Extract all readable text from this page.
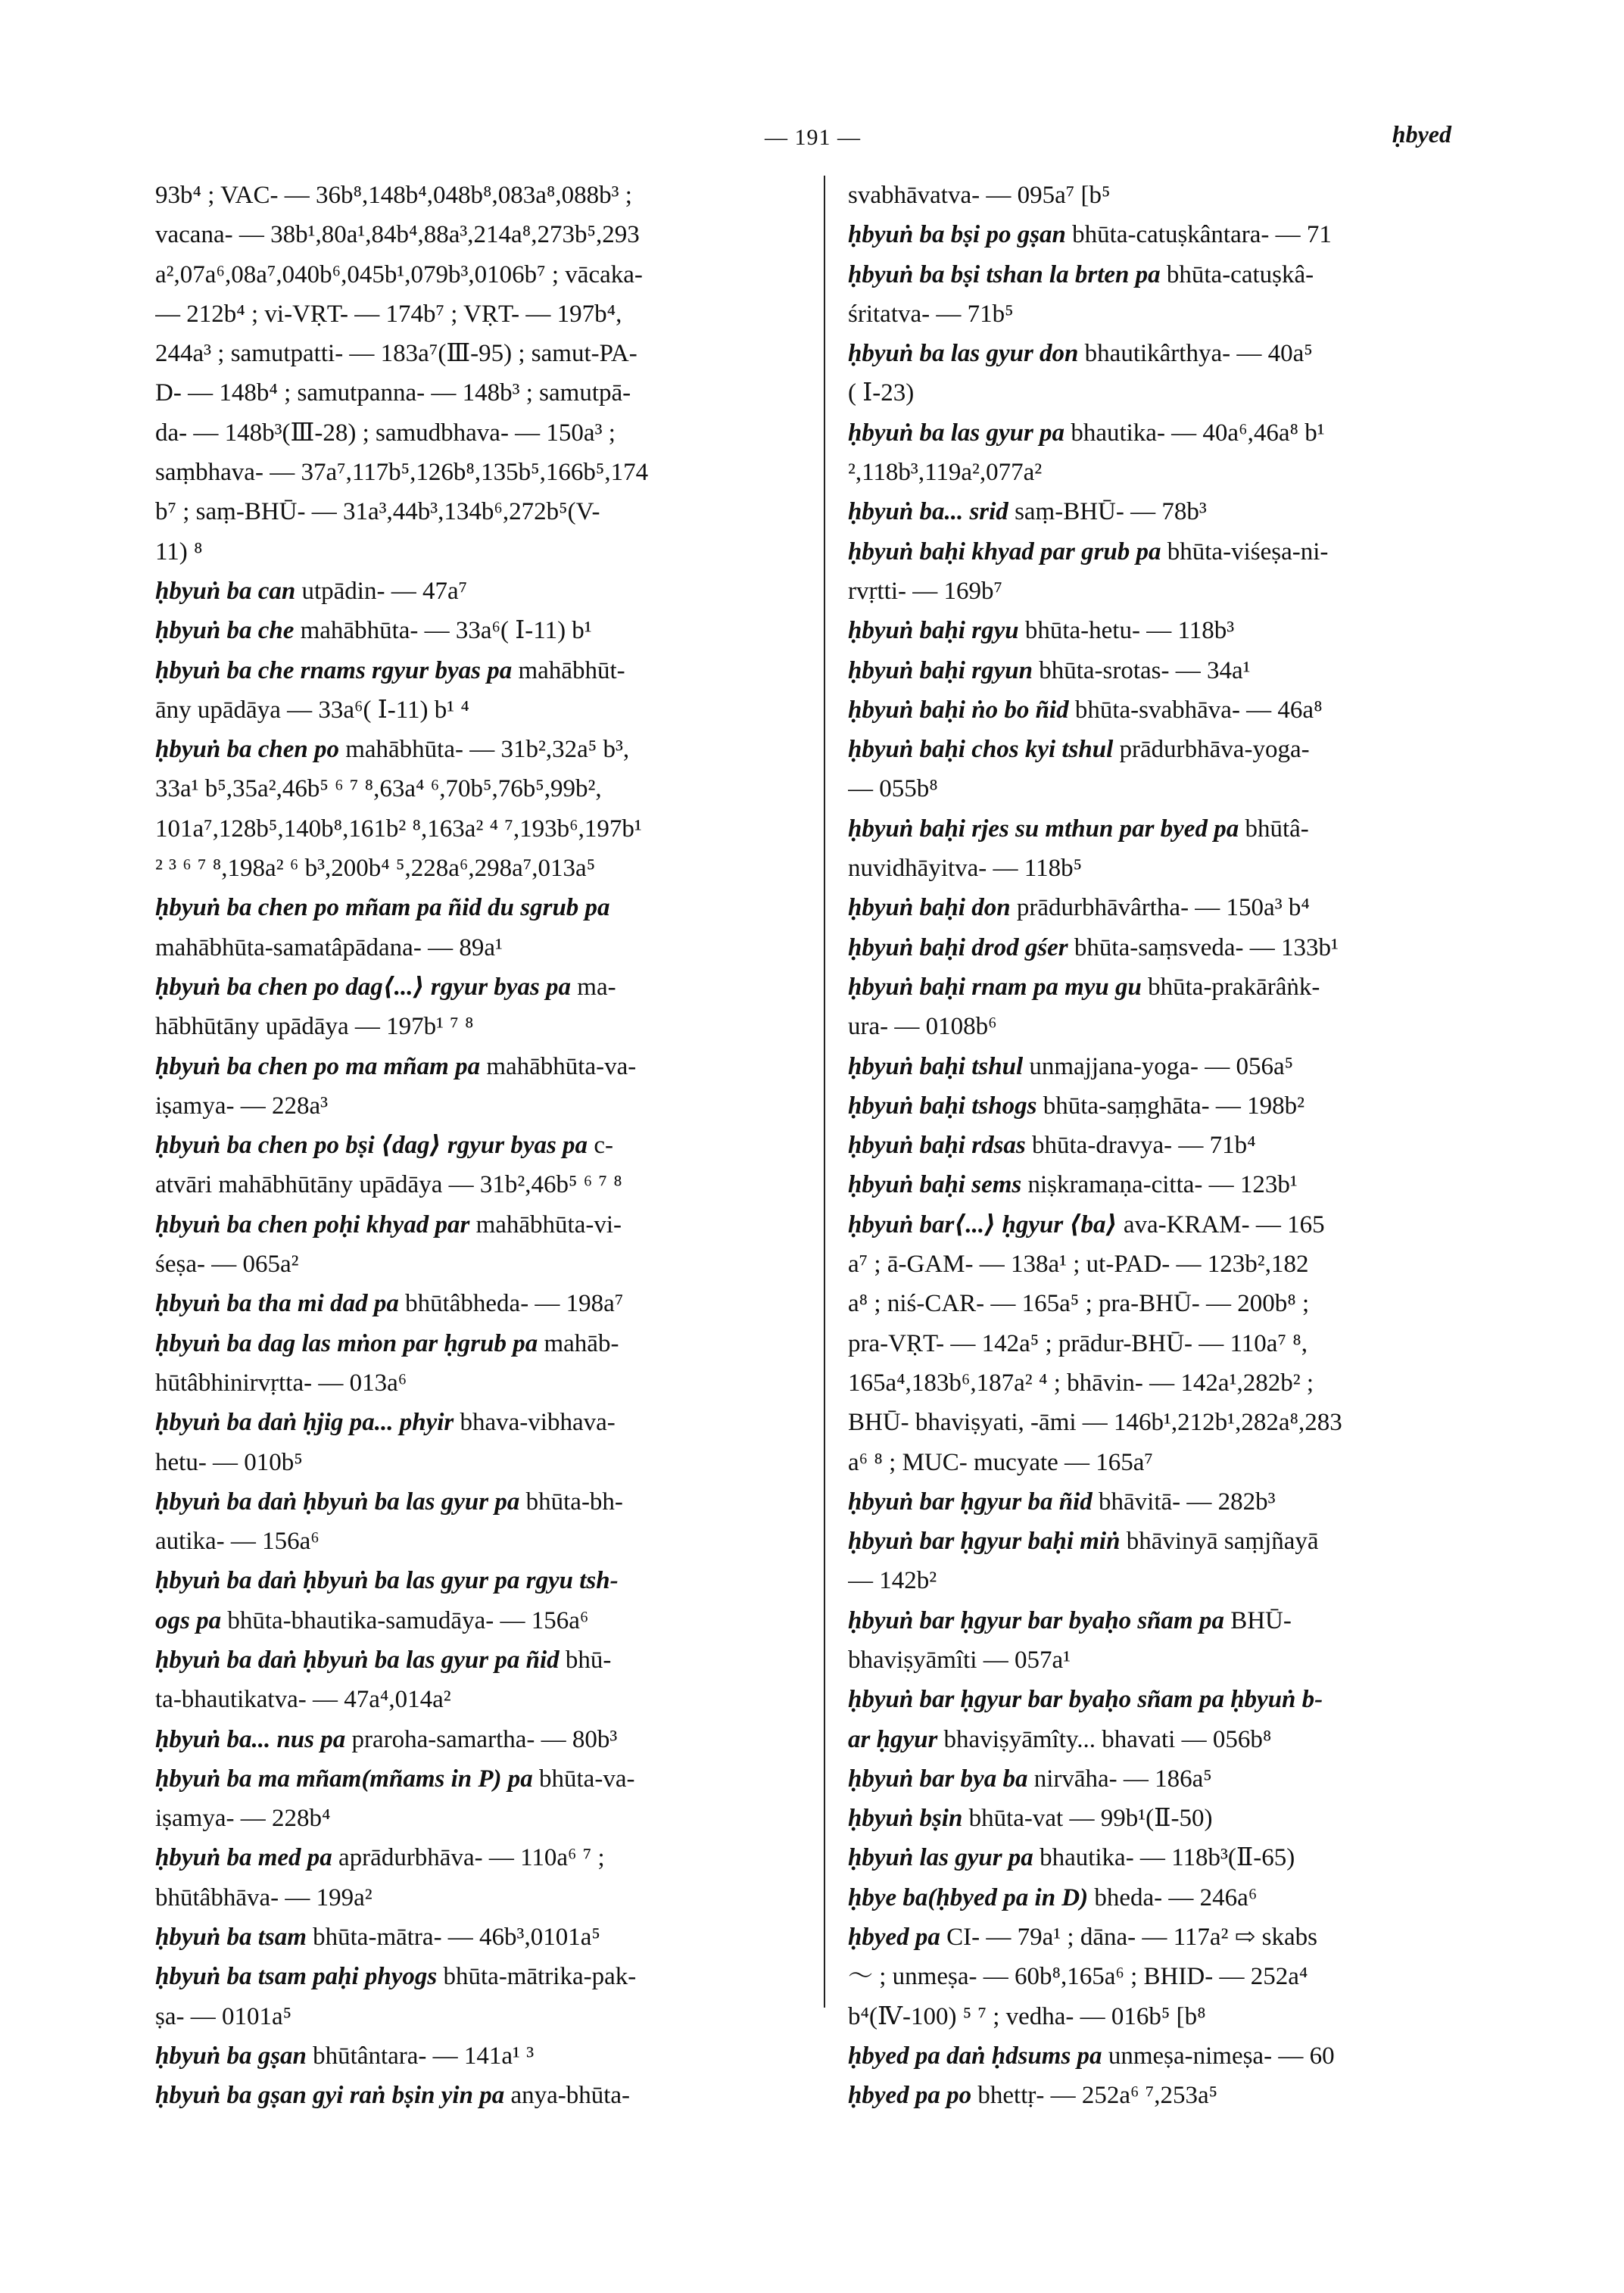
— 191 —	ḥbyed
93b⁴ ; VAC- — 36b⁸,148b⁴,048b⁸,083a⁸,088b³ ;
vacana- — 38b¹,80a¹,84b⁴,88a³,214a⁸,273b⁵,293
a²,07a⁶,08a⁷,040b⁶,045b¹,079b³,0106b⁷ ; vācaka-
— 212b⁴ ; vi-VṚT- — 174b⁷ ; VṚT- — 197b⁴,
244a³ ; samutpatti- — 183a⁷(Ⅲ-95) ; samut-PA-
D- — 148b⁴ ; samutpanna- — 148b³ ; samutpā-
da- — 148b³(Ⅲ-28) ; samudbhava- — 150a³ ;
saṃbhava- — 37a⁷,117b⁵,126b⁸,135b⁵,166b⁵,174
b⁷ ; saṃ-BHŪ- — 31a³,44b³,134b⁶,272b⁵(V-
11) ⁸
ḥbyuṅ ba can utpādin- — 47a⁷
ḥbyuṅ ba che mahābhūta- — 33a⁶( Ⅰ-11) b¹
ḥbyuṅ ba che rnams rgyur byas pa mahābhūt-
āny upādāya — 33a⁶( Ⅰ-11) b¹ ⁴
ḥbyuṅ ba chen po mahābhūta- — 31b²,32a⁵ b³,
33a¹ b⁵,35a²,46b⁵ ⁶ ⁷ ⁸,63a⁴ ⁶,70b⁵,76b⁵,99b²,
101a⁷,128b⁵,140b⁸,161b² ⁸,163a² ⁴ ⁷,193b⁶,197b¹
² ³ ⁶ ⁷ ⁸,198a² ⁶ b³,200b⁴ ⁵,228a⁶,298a⁷,013a⁵
ḥbyuṅ ba chen po mñam pa ñid du sgrub pa
mahābhūta-samatâpādana- — 89a¹
ḥbyuṅ ba chen po dag⟨...⟩ rgyur byas pa ma-
hābhūtāny upādāya — 197b¹ ⁷ ⁸
ḥbyuṅ ba chen po ma mñam pa mahābhūta-va-
iṣamya- — 228a³
ḥbyuṅ ba chen po bṣi ⟨dag⟩ rgyur byas pa c-
atvāri mahābhūtāny upādāya — 31b²,46b⁵ ⁶ ⁷ ⁸
ḥbyuṅ ba chen poḥi khyad par mahābhūta-vi-
śeṣa- — 065a²
ḥbyuṅ ba tha mi dad pa bhūtâbheda- — 198a⁷
ḥbyuṅ ba dag las mṅon par ḥgrub pa mahāb-
hūtâbhinirvṛtta- — 013a⁶
ḥbyuṅ ba daṅ ḥjig pa... phyir bhava-vibhava-
hetu- — 010b⁵
ḥbyuṅ ba daṅ ḥbyuṅ ba las gyur pa bhūta-bh-
autika- — 156a⁶
ḥbyuṅ ba daṅ ḥbyuṅ ba las gyur pa rgyu tsh-
ogs pa bhūta-bhautika-samudāya- — 156a⁶
ḥbyuṅ ba daṅ ḥbyuṅ ba las gyur pa ñid bhū-
ta-bhautikatva- — 47a⁴,014a²
ḥbyuṅ ba... nus pa praroha-samartha- — 80b³
ḥbyuṅ ba ma mñam(mñams in P) pa bhūta-va-
iṣamya- — 228b⁴
ḥbyuṅ ba med pa aprādurbhāva- — 110a⁶ ⁷ ;
bhūtâbhāva- — 199a²
ḥbyuṅ ba tsam bhūta-mātra- — 46b³,0101a⁵
ḥbyuṅ ba tsam paḥi phyogs bhūta-mātrika-pak-
ṣa- — 0101a⁵
ḥbyuṅ ba gṣan bhūtântara- — 141a¹ ³
ḥbyuṅ ba gṣan gyi raṅ bṣin yin pa anya-bhūta-
svabhāvatva- — 095a⁷ [b⁵
ḥbyuṅ ba bṣi po gṣan bhūta-catuṣkântara- — 71
ḥbyuṅ ba bṣi tshan la brten pa bhūta-catuṣkâ-
śritatva- — 71b⁵
ḥbyuṅ ba las gyur don bhautikârthya- — 40a⁵
( Ⅰ-23)
ḥbyuṅ ba las gyur pa bhautika- — 40a⁶,46a⁸ b¹
²,118b³,119a²,077a²
ḥbyuṅ ba... srid saṃ-BHŪ- — 78b³
ḥbyuṅ baḥi khyad par grub pa bhūta-viśeṣa-ni-
rvṛtti- — 169b⁷
ḥbyuṅ baḥi rgyu bhūta-hetu- — 118b³
ḥbyuṅ baḥi rgyun bhūta-srotas- — 34a¹
ḥbyuṅ baḥi ṅo bo ñid bhūta-svabhāva- — 46a⁸
ḥbyuṅ baḥi chos kyi tshul prādurbhāva-yoga-
— 055b⁸
ḥbyuṅ baḥi rjes su mthun par byed pa bhūtâ-
nuvidhāyitva- — 118b⁵
ḥbyuṅ baḥi don prādurbhāvârtha- — 150a³ b⁴
ḥbyuṅ baḥi drod gśer bhūta-saṃsveda- — 133b¹
ḥbyuṅ baḥi rnam pa myu gu bhūta-prakārâṅk-
ura- — 0108b⁶
ḥbyuṅ baḥi tshul unmajjana-yoga- — 056a⁵
ḥbyuṅ baḥi tshogs bhūta-saṃghāta- — 198b²
ḥbyuṅ baḥi rdsas bhūta-dravya- — 71b⁴
ḥbyuṅ baḥi sems niṣkramaṇa-citta- — 123b¹
ḥbyuṅ bar⟨...⟩ ḥgyur ⟨ba⟩ ava-KRAM- — 165
a⁷ ; ā-GAM- — 138a¹ ; ut-PAD- — 123b²,182
a⁸ ; niś-CAR- — 165a⁵ ; pra-BHŪ- — 200b⁸ ;
pra-VṚT- — 142a⁵ ; prādur-BHŪ- — 110a⁷ ⁸,
165a⁴,183b⁶,187a² ⁴ ; bhāvin- — 142a¹,282b² ;
BHŪ- bhaviṣyati, -āmi — 146b¹,212b¹,282a⁸,283
a⁶ ⁸ ; MUC- mucyate — 165a⁷
ḥbyuṅ bar ḥgyur ba ñid bhāvitā- — 282b³
ḥbyuṅ bar ḥgyur baḥi miṅ bhāvinyā saṃjñayā
— 142b²
ḥbyuṅ bar ḥgyur bar byaḥo sñam pa BHŪ-
bhaviṣyāmîti — 057a¹
ḥbyuṅ bar ḥgyur bar byaḥo sñam pa ḥbyuṅ b-
ar ḥgyur bhaviṣyāmîty... bhavati — 056b⁸
ḥbyuṅ bar bya ba nirvāha- — 186a⁵
ḥbyuṅ bṣin bhūta-vat — 99b¹(Ⅱ-50)
ḥbyuṅ las gyur pa bhautika- — 118b³(Ⅱ-65)
ḥbye ba(ḥbyed pa in D) bheda- — 246a⁶
ḥbyed pa CI- — 79a¹ ; dāna- — 117a² ⇨ skabs
～ ; unmeṣa- — 60b⁸,165a⁶ ; BHID- — 252a⁴
b⁴(Ⅳ-100) ⁵ ⁷ ; vedha- — 016b⁵ [b⁸
ḥbyed pa daṅ ḥdsums pa unmeṣa-nimeṣa- — 60
ḥbyed pa po bhettṛ- — 252a⁶ ⁷,253a⁵
